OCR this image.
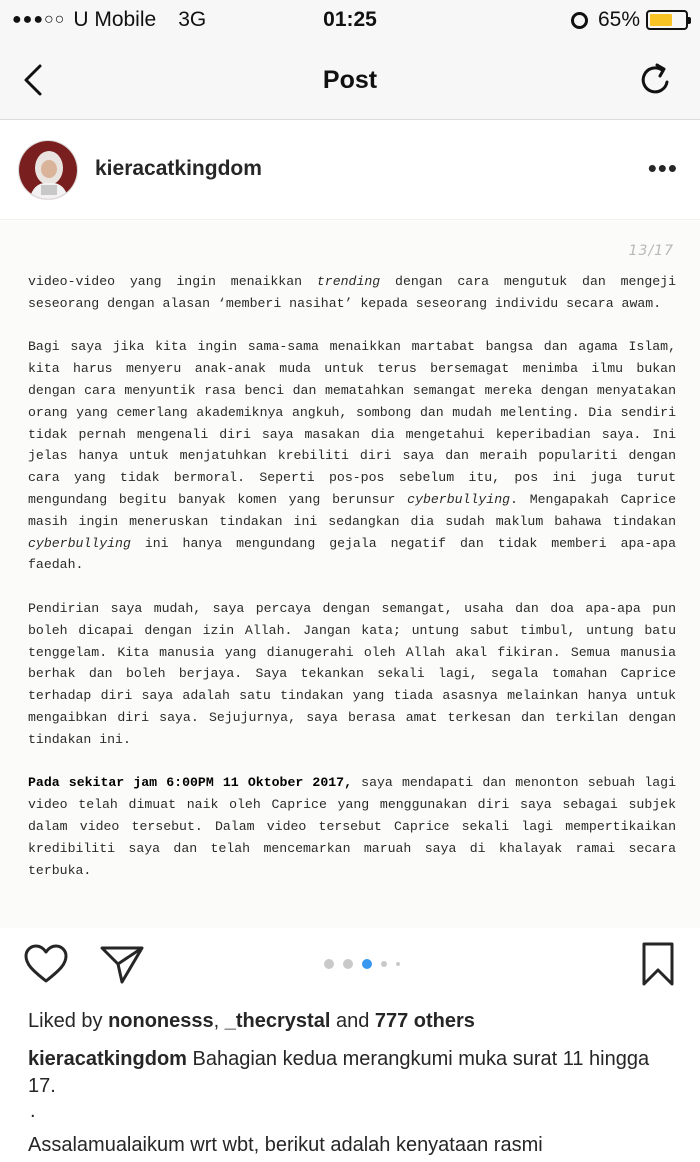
●●●○○ U Mobile 3G	01:25	65%
Post
kieracatkingdom	•••
13/17

video-video yang ingin menaikkan trending dengan cara mengutuk dan mengeji seseorang dengan alasan ‘memberi nasihat’ kepada seseorang individu secara awam.

Bagi saya jika kita ingin sama-sama menaikkan martabat bangsa dan agama Islam, kita harus menyeru anak-anak muda untuk terus bersemagat menimba ilmu bukan dengan cara menyuntik rasa benci dan mematahkan semangat mereka dengan menyatakan orang yang cemerlang akademiknya angkuh, sombong dan mudah melenting. Dia sendiri tidak pernah mengenali diri saya masakan dia mengetahui keperibadian saya. Ini jelas hanya untuk menjatuhkan krebiliti diri saya dan meraih populariti dengan cara yang tidak bermoral. Seperti pos-pos sebelum itu, pos ini juga turut mengundang begitu banyak komen yang berunsur cyberbullying. Mengapakah Caprice masih ingin meneruskan tindakan ini sedangkan dia sudah maklum bahawa tindakan cyberbullying ini hanya mengundang gejala negatif dan tidak memberi apa-apa faedah.

Pendirian saya mudah, saya percaya dengan semangat, usaha dan doa apa-apa pun boleh dicapai dengan izin Allah. Jangan kata; untung sabut timbul, untung batu tenggelam. Kita manusia yang dianugerahi oleh Allah akal fikiran. Semua manusia berhak dan boleh berjaya. Saya tekankan sekali lagi, segala tomahan Caprice terhadap diri saya adalah satu tindakan yang tiada asasnya melainkan hanya untuk mengaibkan diri saya. Sejujurnya, saya berasa amat terkesan dan terkilan dengan tindakan ini.

Pada sekitar jam 6:00PM 11 Oktober 2017, saya mendapati dan menonton sebuah lagi video telah dimuat naik oleh Caprice yang menggunakan diri saya sebagai subjek dalam video tersebut. Dalam video tersebut Caprice sekali lagi mempertikaikan kredibiliti saya dan telah mencemarkan maruah saya di khalayak ramai secara terbuka.

Liked by nononesss, _thecrystal and 777 others
kieracatkingdom Bahagian kedua merangkumi muka surat 11 hingga 17.
.
Assalamualaikum wrt wbt, berikut adalah kenyataan rasmi
